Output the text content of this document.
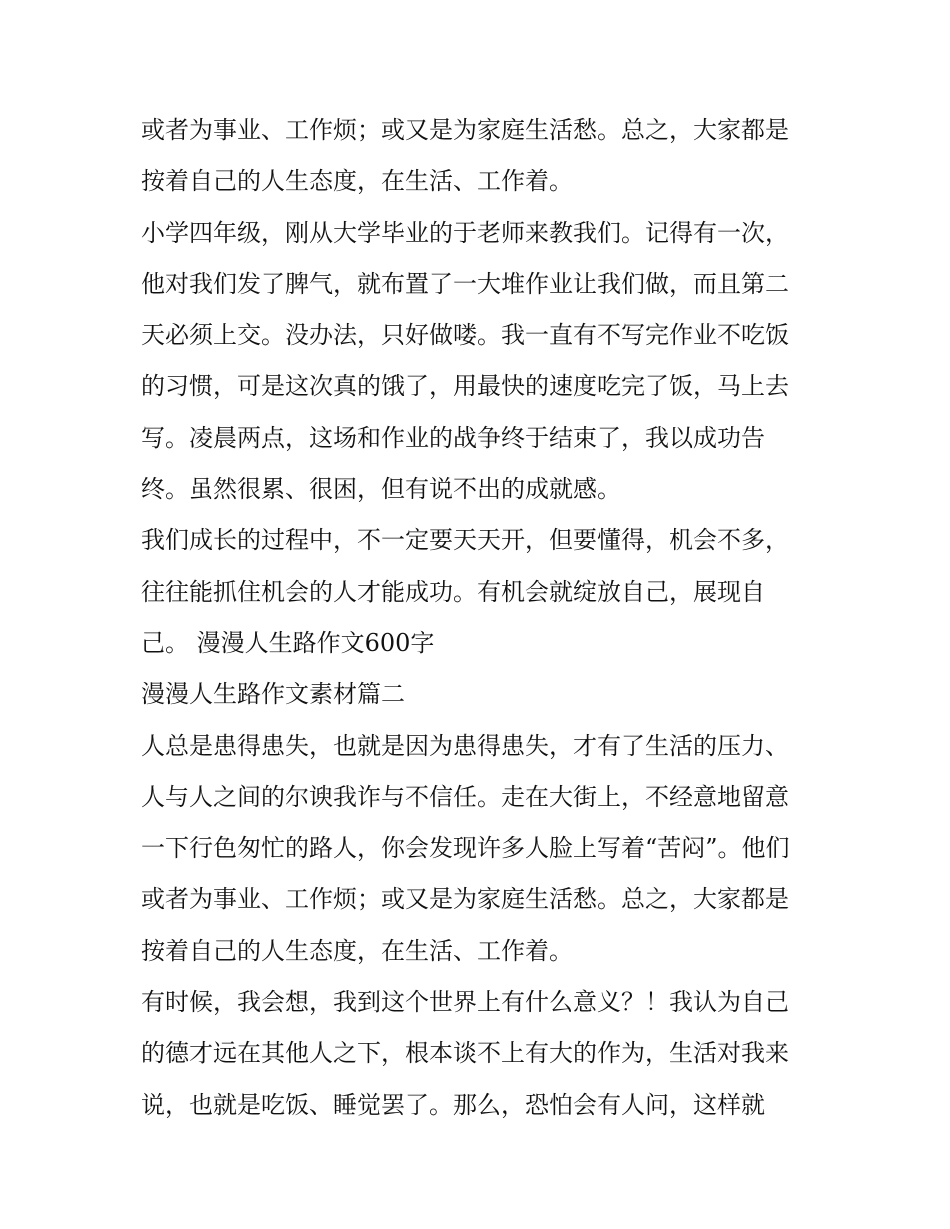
或者为事业、工作烦；或又是为家庭生活愁。总之，大家都是
按着自己的人生态度，在生活、工作着。
小学四年级，刚从大学毕业的于老师来教我们。记得有一次，
他对我们发了脾气，就布置了一大堆作业让我们做，而且第二
天必须上交。没办法，只好做喽。我一直有不写完作业不吃饭
的习惯，可是这次真的饿了，用最快的速度吃完了饭，马上去
写。凌晨两点，这场和作业的战争终于结束了，我以成功告
终。虽然很累、很困，但有说不出的成就感。
我们成长的过程中，不一定要天天开，但要懂得，机会不多，
往往能抓住机会的人才能成功。有机会就绽放自己，展现自
己。 漫漫人生路作文600字
漫漫人生路作文素材篇二
人总是患得患失，也就是因为患得患失，才有了生活的压力、
人与人之间的尔谀我诈与不信任。走在大街上，不经意地留意
一下行色匆忙的路人，你会发现许多人脸上写着“苦闷”。他们
或者为事业、工作烦；或又是为家庭生活愁。总之，大家都是
按着自己的人生态度，在生活、工作着。
有时候，我会想，我到这个世界上有什么意义？！我认为自己
的德才远在其他人之下，根本谈不上有大的作为，生活对我来
说，也就是吃饭、睡觉罢了。那么，恐怕会有人问，这样就
